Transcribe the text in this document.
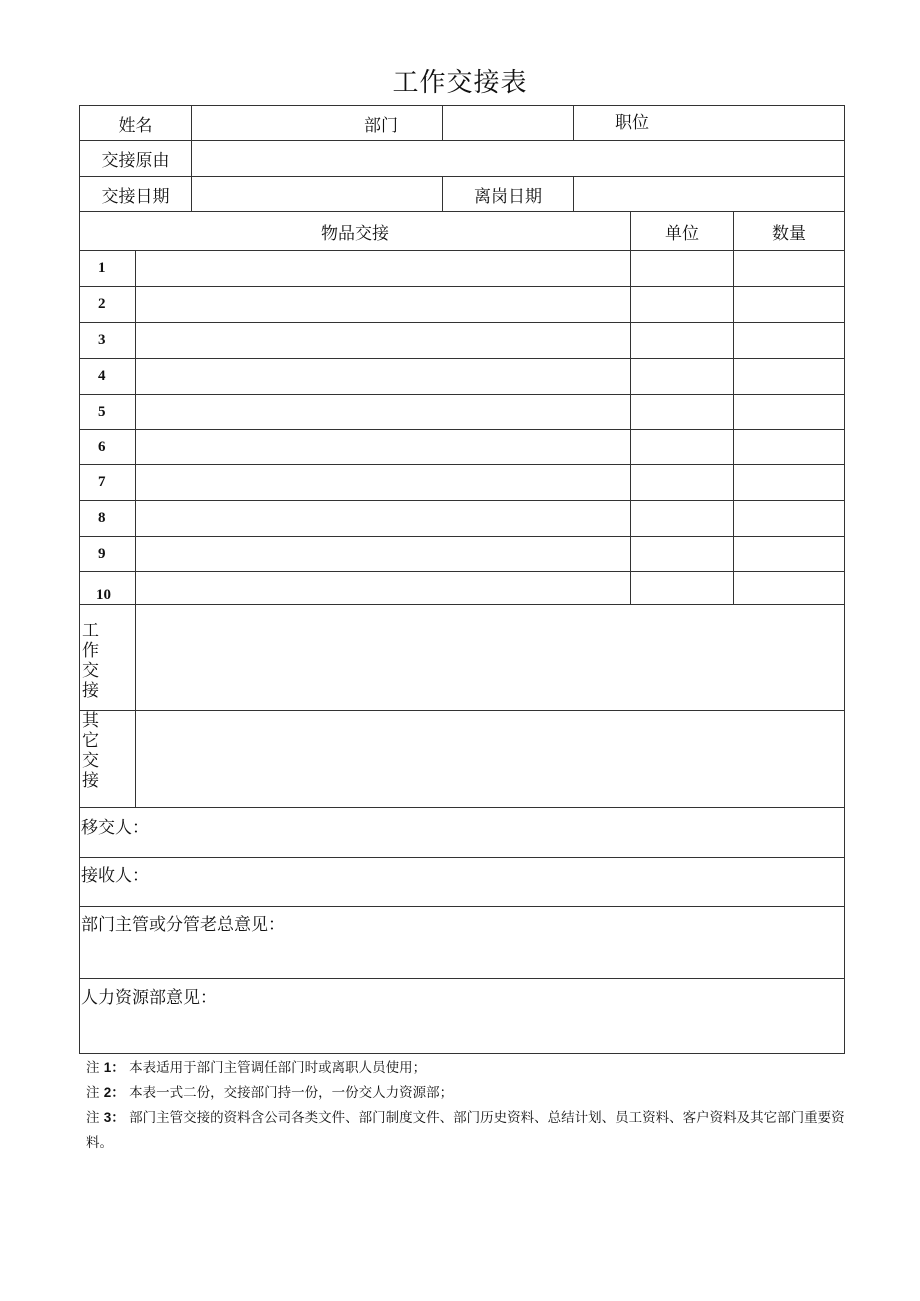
工作交接表
姓名	部门	职位
交接原由
交接日期	离岗日期
物品交接	单位	数量
1
2
3
4
5
6
7
8
9
10
工作交接
其它交接
移交人：
接收人：
部门主管或分管老总意见：
人力资源部意见：
注 1： 本表适用于部门主管调任部门时或离职人员使用；
注 2： 本表一式二份，交接部门持一份，一份交人力资源部；
注 3： 部门主管交接的资料含公司各类文件、部门制度文件、部门历史资料、总结计划、员工资料、客户资料及其它部门重要资料。
